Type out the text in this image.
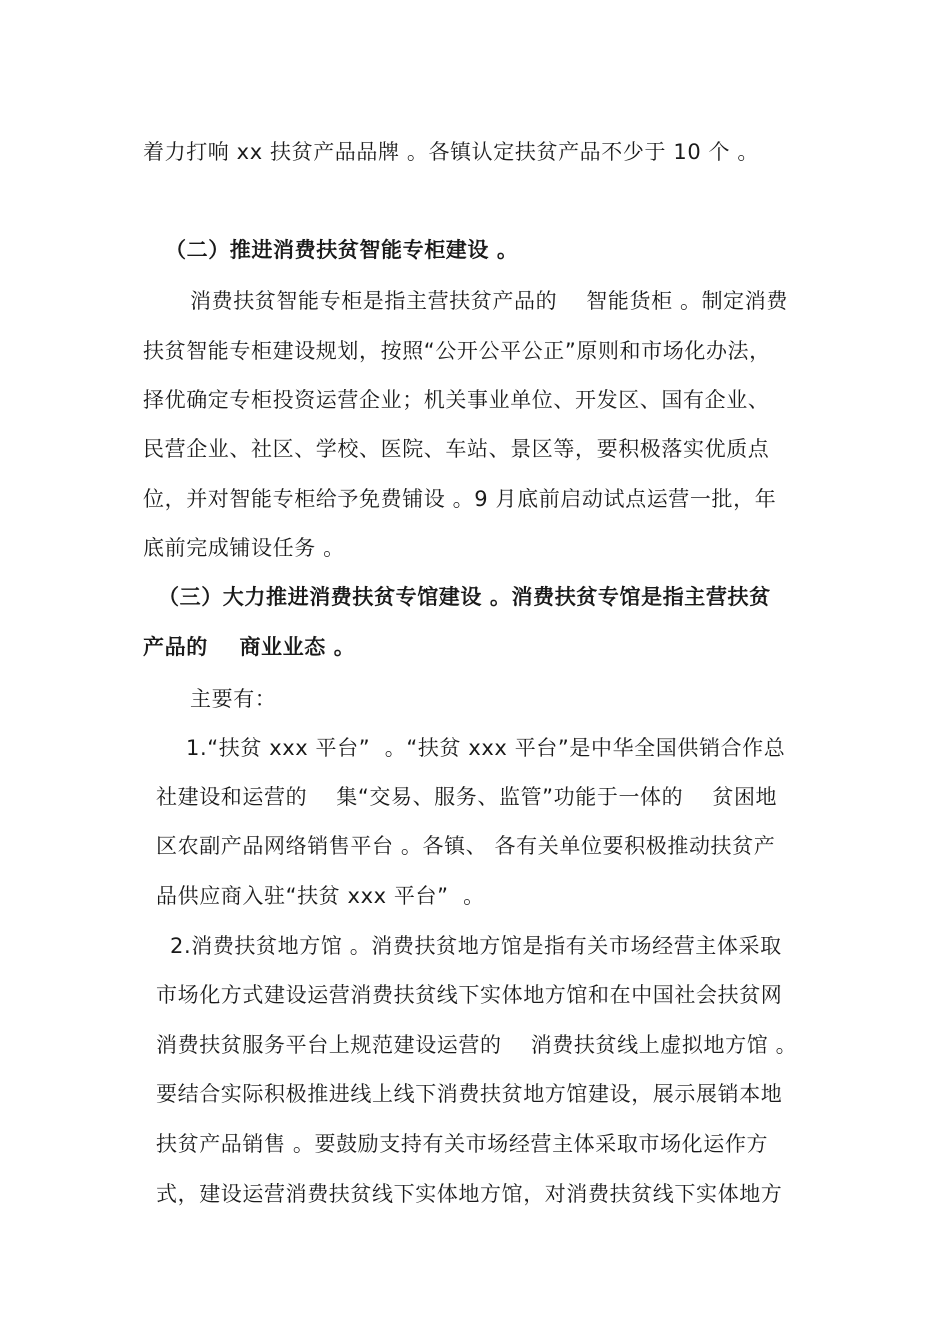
着力打响 xx 扶贫产品品牌 。各镇认定扶贫产品不少于 10 个 。
（二）推进消费扶贫智能专柜建设 。
消费扶贫智能专柜是指主营扶贫产品的    智能货柜 。制定消费
扶贫智能专柜建设规划，按照“公开公平公正”原则和市场化办法，
择优确定专柜投资运营企业；机关事业单位、开发区、国有企业、
民营企业、社区、学校、医院、车站、景区等，要积极落实优质点
位，并对智能专柜给予免费铺设 。9 月底前启动试点运营一批，年
底前完成铺设任务 。
（三）大力推进消费扶贫专馆建设 。消费扶贫专馆是指主营扶贫
产品的    商业业态 。
主要有：
1.“扶贫 xxx 平台”  。“扶贫 xxx 平台”是中华全国供销合作总
社建设和运营的    集“交易、服务、监管”功能于一体的    贫困地
区农副产品网络销售平台 。各镇、 各有关单位要积极推动扶贫产
品供应商入驻“扶贫 xxx 平台”  。
2.消费扶贫地方馆 。消费扶贫地方馆是指有关市场经营主体采取
市场化方式建设运营消费扶贫线下实体地方馆和在中国社会扶贫网
消费扶贫服务平台上规范建设运营的    消费扶贫线上虚拟地方馆 。
要结合实际积极推进线上线下消费扶贫地方馆建设，展示展销本地
扶贫产品销售 。要鼓励支持有关市场经营主体采取市场化运作方
式，建设运营消费扶贫线下实体地方馆，对消费扶贫线下实体地方
